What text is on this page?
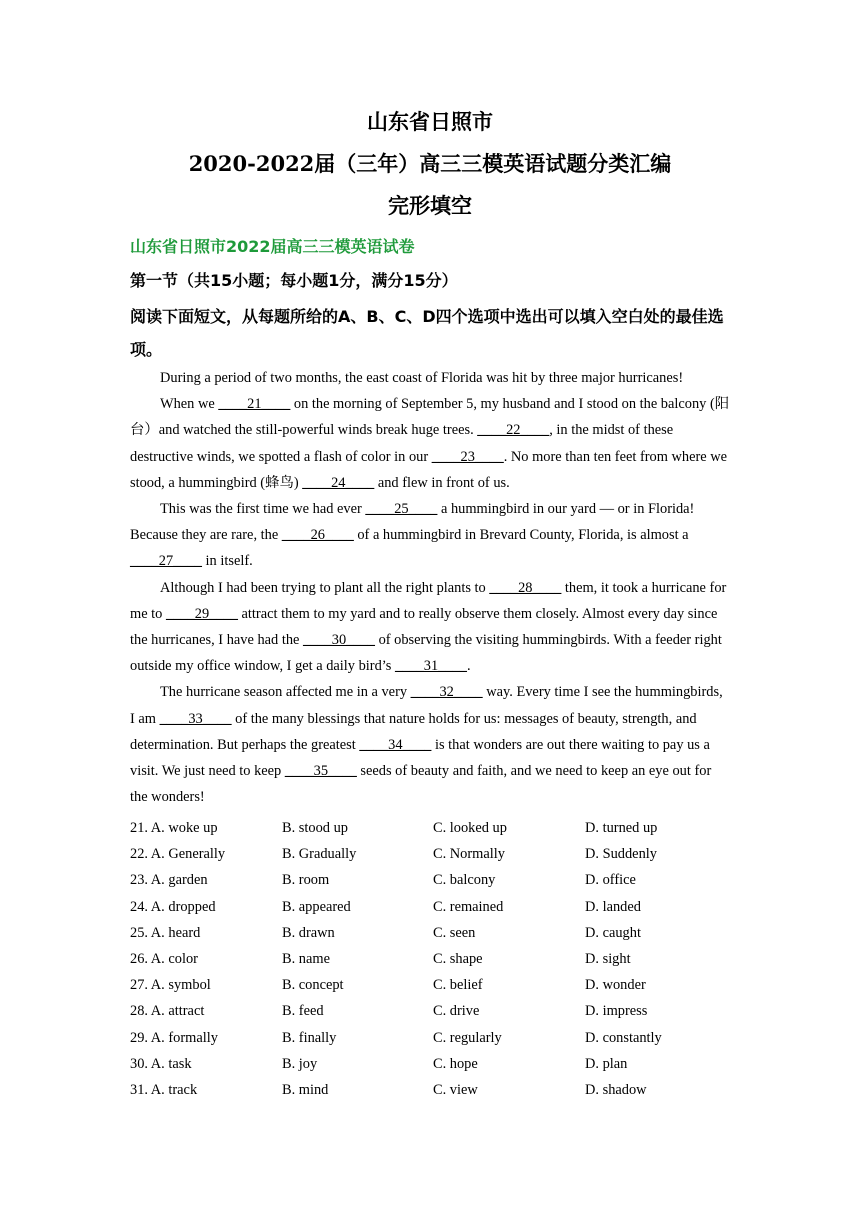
山东省日照市
2020-2022届（三年）高三三模英语试题分类汇编
完形填空
山东省日照市2022届高三三模英语试卷
第一节（共15小题；每小题1分，满分15分）
阅读下面短文，从每题所给的A、B、C、D四个选项中选出可以填入空白处的最佳选项。

During a period of two months, the east coast of Florida was hit by three major hurricanes!

When we ____21____ on the morning of September 5, my husband and I stood on the balcony (阳台）and watched the still-powerful winds break huge trees. ____22____, in the midst of these destructive winds, we spotted a flash of color in our ____23____. No more than ten feet from where we stood, a hummingbird (蜂鸟) ____24____ and flew in front of us.

This was the first time we had ever ____25____ a hummingbird in our yard — or in Florida! Because they are rare, the ____26____ of a hummingbird in Brevard County, Florida, is almost a ____27____ in itself.

Although I had been trying to plant all the right plants to ____28____ them, it took a hurricane for me to ____29____ attract them to my yard and to really observe them closely. Almost every day since the hurricanes, I have had the ____30____ of observing the visiting hummingbirds. With a feeder right outside my office window, I get a daily bird’s ____31____.

The hurricane season affected me in a very ____32____ way. Every time I see the hummingbirds, I am ____33____ of the many blessings that nature holds for us: messages of beauty, strength, and determination. But perhaps the greatest ____34____ is that wonders are out there waiting to pay us a visit. We just need to keep ____35____ seeds of beauty and faith, and we need to keep an eye out for the wonders!

21. A. woke up	B. stood up	C. looked up	D. turned up
22. A. Generally	B. Gradually	C. Normally	D. Suddenly
23. A. garden	B. room	C. balcony	D. office
24. A. dropped	B. appeared	C. remained	D. landed
25. A. heard	B. drawn	C. seen	D. caught
26. A. color	B. name	C. shape	D. sight
27. A. symbol	B. concept	C. belief	D. wonder
28. A. attract	B. feed	C. drive	D. impress
29. A. formally	B. finally	C. regularly	D. constantly
30. A. task	B. joy	C. hope	D. plan
31. A. track	B. mind	C. view	D. shadow
